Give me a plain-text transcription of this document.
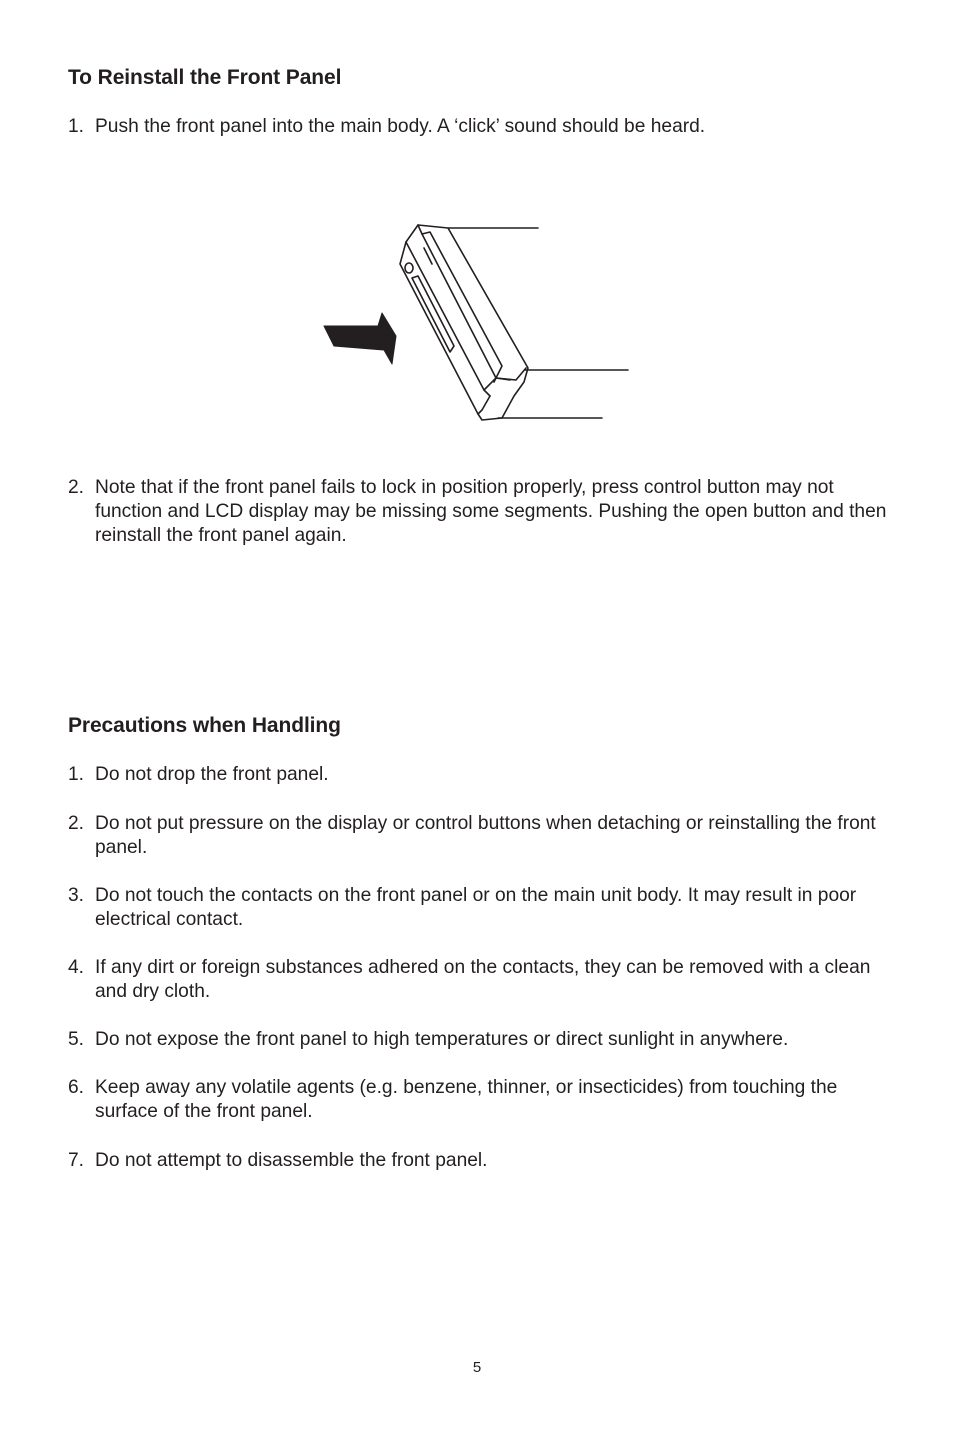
To Reinstall the Front Panel
1. Push the front panel into the main body. A ‘click’ sound should be heard.
2. Note that if the front panel fails to lock in position properly, press control button may not function and LCD display may be missing some segments. Pushing the open button and then reinstall the front panel again.
Precautions when Handling
1. Do not drop the front panel.
2. Do not put pressure on the display or control buttons when detaching or reinstalling the front panel.
3. Do not touch the contacts on the front panel or on the main unit body. It may result in poor electrical contact.
4. If any dirt or foreign substances adhered on the contacts, they can be removed with a clean and dry cloth.
5. Do not expose the front panel to high temperatures or direct sunlight in anywhere.
6. Keep away any volatile agents (e.g. benzene, thinner, or insecticides) from touching the surface of the front panel.
7. Do not attempt to disassemble the front panel.
5
